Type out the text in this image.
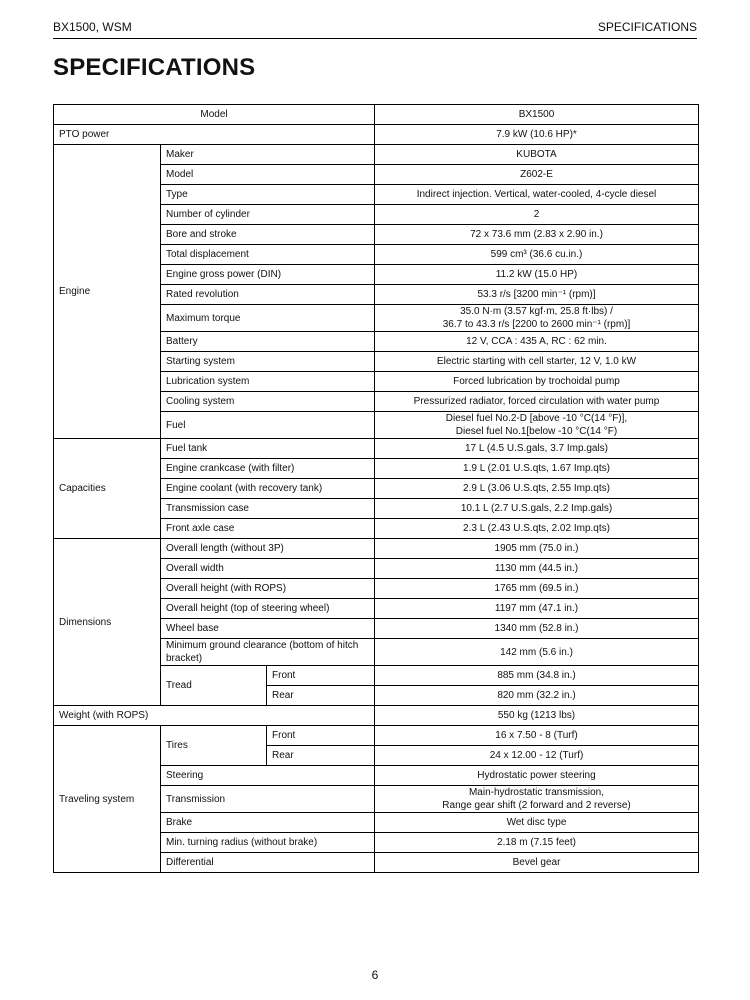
BX1500, WSM	SPECIFICATIONS
SPECIFICATIONS
Model			BX1500
PTO power			7.9 kW (10.6 HP)*
Engine	Maker		KUBOTA
	Model		Z602-E
	Type		Indirect injection. Vertical, water-cooled, 4-cycle diesel
	Number of cylinder		2
	Bore and stroke		72 x 73.6 mm (2.83 x 2.90 in.)
	Total displacement		599 cm³ (36.6 cu.in.)
	Engine gross power (DIN)		11.2 kW (15.0 HP)
	Rated revolution		53.3 r/s [3200 min⁻¹ (rpm)]
	Maximum torque		35.0 N·m (3.57 kgf·m, 25.8 ft·lbs) /
36.7 to 43.3 r/s [2200 to 2600 min⁻¹ (rpm)]

	Battery		12 V, CCA : 435 A, RC : 62 min.
	Starting system		Electric starting with cell starter, 12 V, 1.0 kW
	Lubrication system		Forced lubrication by trochoidal pump
	Cooling system		Pressurized radiator, forced circulation with water pump
	Fuel		Diesel fuel No.2-D [above -10 °C(14 °F)],
Diesel fuel No.1[below -10 °C(14 °F)

Capacities	Fuel tank		17 L (4.5 U.S.gals, 3.7 Imp.gals)
	Engine crankcase (with filter)		1.9 L (2.01 U.S.qts, 1.67 Imp.qts)
	Engine coolant (with recovery tank)		2.9 L (3.06 U.S.qts, 2.55 Imp.qts)
	Transmission case		10.1 L (2.7 U.S.gals, 2.2 Imp.gals)
	Front axle case		2.3 L (2.43 U.S.qts, 2.02 Imp.qts)
Dimensions	Overall length (without 3P)		1905 mm (75.0 in.)
	Overall width		1130 mm (44.5 in.)
	Overall height (with ROPS)		1765 mm (69.5 in.)
	Overall height (top of steering wheel)		1197 mm (47.1 in.)
	Wheel base		1340 mm (52.8 in.)
	Minimum ground clearance (bottom of hitch bracket)		142 mm (5.6 in.)
	Tread	Front	885 mm (34.8 in.)
		Rear	820 mm (32.2 in.)
Weight (with ROPS)			550 kg (1213 lbs)
Traveling system	Tires	Front	16 x 7.50 - 8 (Turf)
		Rear	24 x 12.00 - 12 (Turf)
	Steering		Hydrostatic power steering
	Transmission		Main-hydrostatic transmission,
Range gear shift (2 forward and 2 reverse)

	Brake		Wet disc type
	Min. turning radius (without brake)		2.18 m (7.15 feet)
	Differential		Bevel gear
6
